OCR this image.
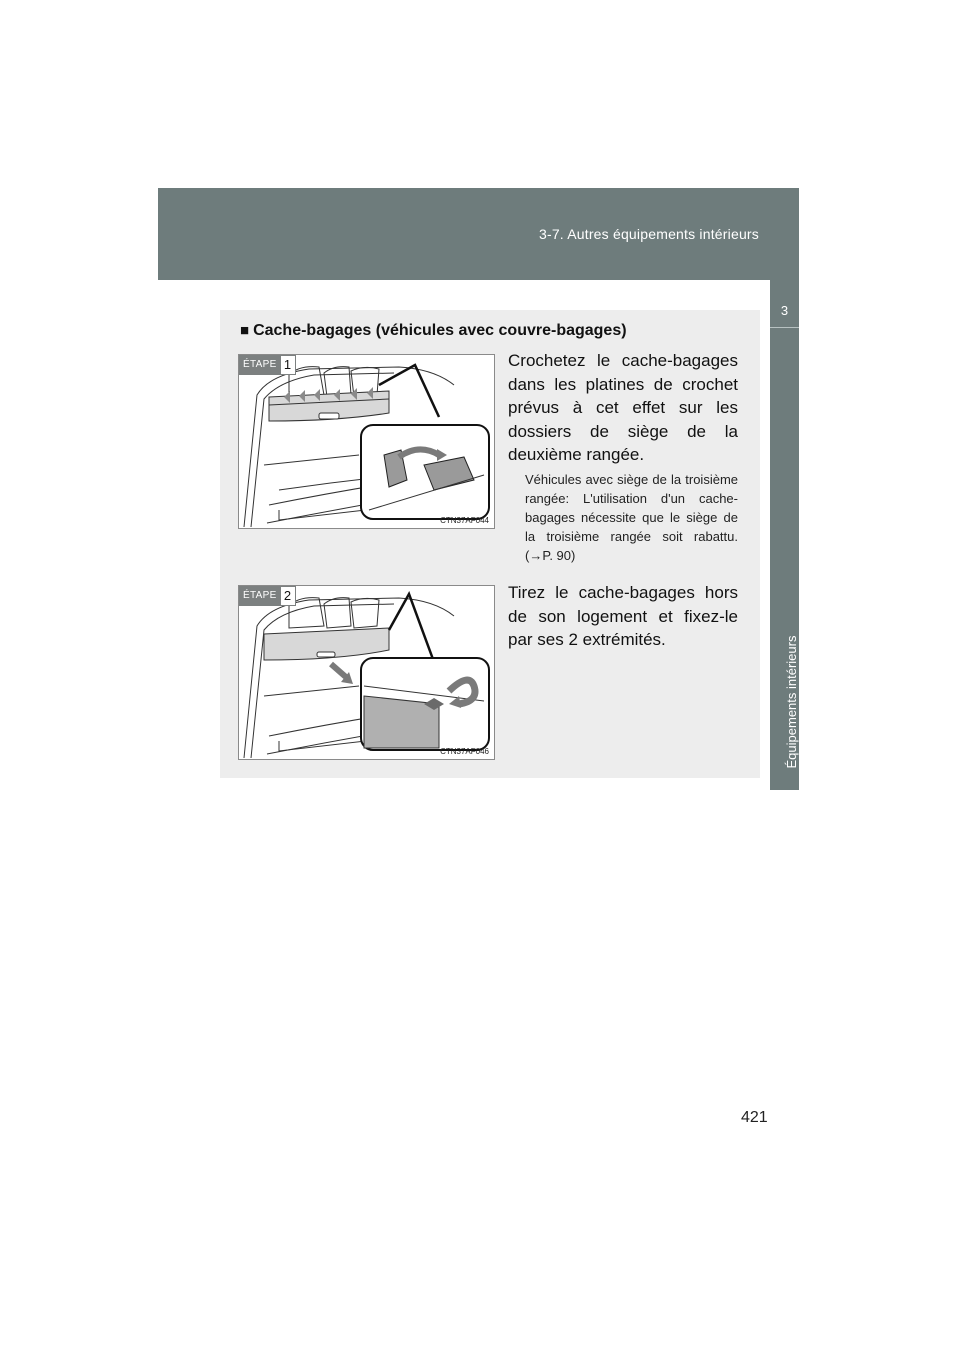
3-7. Autres équipements intérieurs
3
Équipements intérieurs
■ Cache-bagages (véhicules avec couvre-bagages)
ÉTAPE 1
CTN37AF044
Crochetez le cache-bagages dans les platines de crochet prévus à cet effet sur les dossiers de siège de la deuxième rangée.
Véhicules avec siège de la troisième rangée: L'utilisation d'un cache-bagages nécessite que le siège de la troisième rangée soit rabattu. (→P. 90)
ÉTAPE 2
CTN37AF046
Tirez le cache-bagages hors de son logement et fixez-le par ses 2 extrémités.
421
